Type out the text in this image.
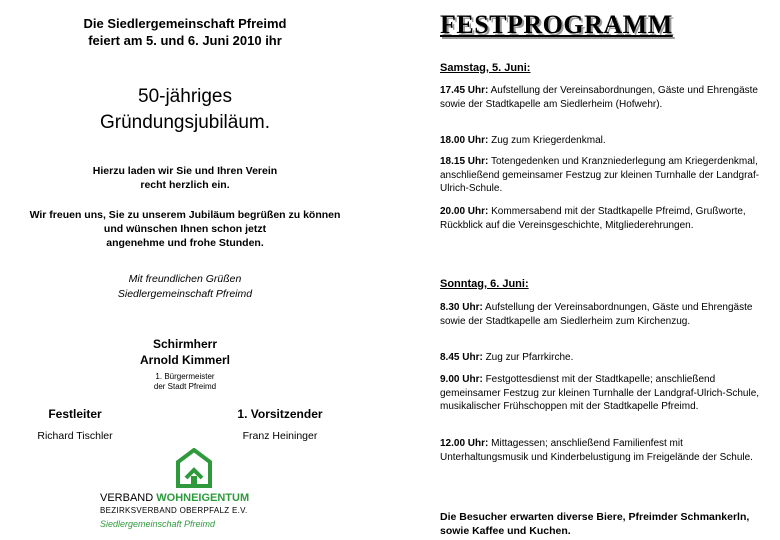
Die Siedlergemeinschaft Pfreimd
feiert am 5. und 6. Juni 2010 ihr
50-jähriges
Gründungsjubiläum.
Hierzu laden wir Sie und Ihren Verein
recht herzlich ein.
Wir freuen uns, Sie zu unserem Jubiläum begrüßen zu können
und wünschen Ihnen schon jetzt
angenehme und frohe Stunden.
Mit freundlichen Grüßen
Siedlergemeinschaft Pfreimd
Schirmherr
Arnold Kimmerl
1. Bürgermeister
der Stadt Pfreimd
Festleiter
Richard Tischler
1. Vorsitzender
Franz Heininger
VERBAND WOHNEIGENTUM
BEZIRKSVERBAND OBERPFALZ E.V.
Siedlergemeinschaft Pfreimd
FESTPROGRAMM
Samstag, 5. Juni:
17.45 Uhr: Aufstellung der Vereinsabordnungen, Gäste und Ehrengäste sowie der Stadtkapelle am Siedlerheim (Hofwehr).
18.00 Uhr: Zug zum Kriegerdenkmal.
18.15 Uhr: Totengedenken und Kranzniederlegung am Kriegerdenkmal, anschließend gemeinsamer Festzug zur kleinen Turnhalle der Landgraf-Ulrich-Schule.
20.00 Uhr: Kommersabend mit der Stadtkapelle Pfreimd, Grußworte, Rückblick auf die Vereinsgeschichte, Mitgliederehrungen.
Sonntag, 6. Juni:
8.30 Uhr: Aufstellung der Vereinsabordnungen, Gäste und Ehrengäste sowie der Stadtkapelle am Siedlerheim zum Kirchenzug.
8.45 Uhr: Zug zur Pfarrkirche.
9.00 Uhr: Festgottesdienst mit der Stadtkapelle; anschließend gemeinsamer Festzug zur kleinen Turnhalle der Landgraf-Ulrich-Schule, musikalischer Frühschoppen mit der Stadtkapelle Pfreimd.
12.00 Uhr: Mittagessen; anschließend Familienfest mit Unterhaltungsmusik und Kinderbelustigung im Freigelände der Schule.
Die Besucher erwarten diverse Biere, Pfreimder Schmankerln, sowie Kaffee und Kuchen.
